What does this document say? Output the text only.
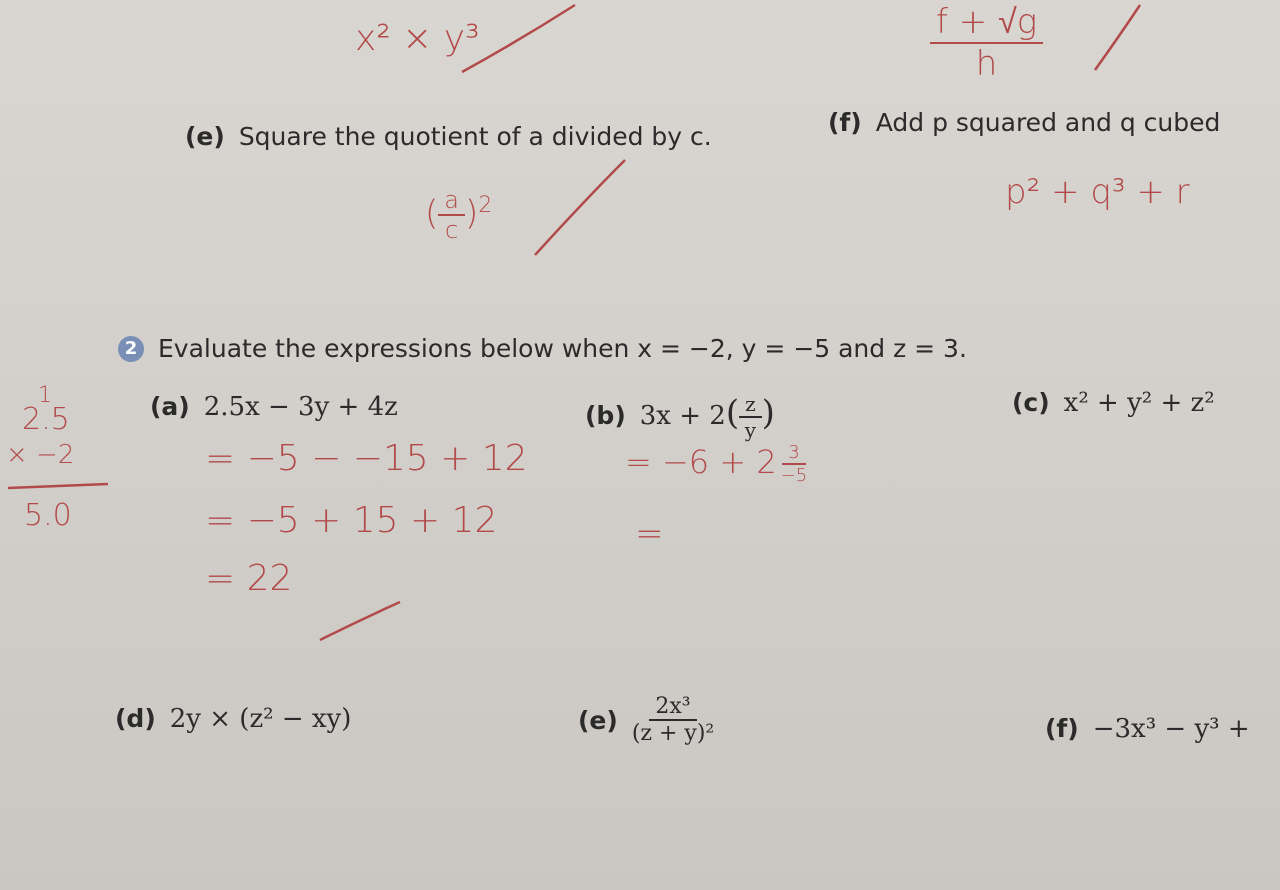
x² × y³	$\frac{f + √g}{h}$
(e) Square the quotient of a divided by c.	(f) Add p squared and q cubed
( $\frac{a}{c} )^2$	p² + q³ + r
2 Evaluate the expressions below when x = −2, y = −5 and z = 3.
(a) 2.5x − 3y + 4z	(b) $3x + 2( \frac{z}{y}$ )	(c) x² + y² + z²
1
2.5
× −2
5.0
= −5 − −15 + 12
= −5 + 15 + 12
= 22
= $-6 + 2 \frac{3}{-5}$
=
(d) 2y × (z² − xy)	$(e) \frac{\text{2x³}}{\text{(z + y)²}}$	(f) −3x³ − y³ +
